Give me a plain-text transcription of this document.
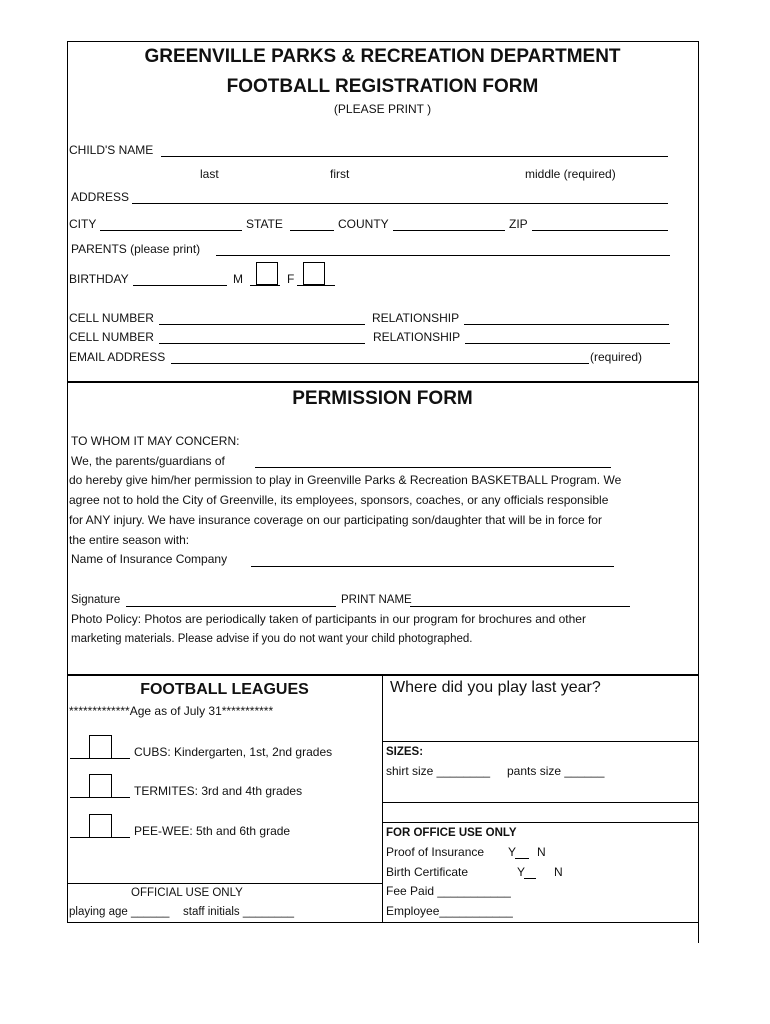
GREENVILLE PARKS & RECREATION DEPARTMENT
FOOTBALL REGISTRATION FORM
(PLEASE PRINT )
CHILD'S NAME
last	first	middle (required)
ADDRESS
CITY	STATE	COUNTY	ZIP
PARENTS (please print)
BIRTHDAY	M	F
CELL NUMBER	RELATIONSHIP
CELL NUMBER	RELATIONSHIP
EMAIL ADDRESS	(required)
PERMISSION FORM
TO WHOM IT MAY CONCERN:
We, the parents/guardians of
do hereby give him/her permission to play in Greenville Parks & Recreation BASKETBALL Program. We
agree not to hold the City of Greenville, its employees, sponsors, coaches, or any officials responsible
for ANY injury. We have insurance coverage on our participating son/daughter that will be in force for
the entire season with:
Name of Insurance Company
Signature	PRINT NAME
Photo Policy: Photos are periodically taken of participants in our program for brochures and other
marketing materials. Please advise if you do not want your child photographed.
FOOTBALL LEAGUES
*************Age as of July 31***********
CUBS: Kindergarten, 1st, 2nd grades
TERMITES: 3rd and 4th grades
PEE-WEE: 5th and 6th grade
OFFICIAL USE ONLY
playing age ______ staff initials ________
Where did you play last year?
SIZES:
shirt size ________ pants size ______
FOR OFFICE USE ONLY
Proof of Insurance Y N
Birth Certificate	Y N
Fee Paid ___________
Employee___________
